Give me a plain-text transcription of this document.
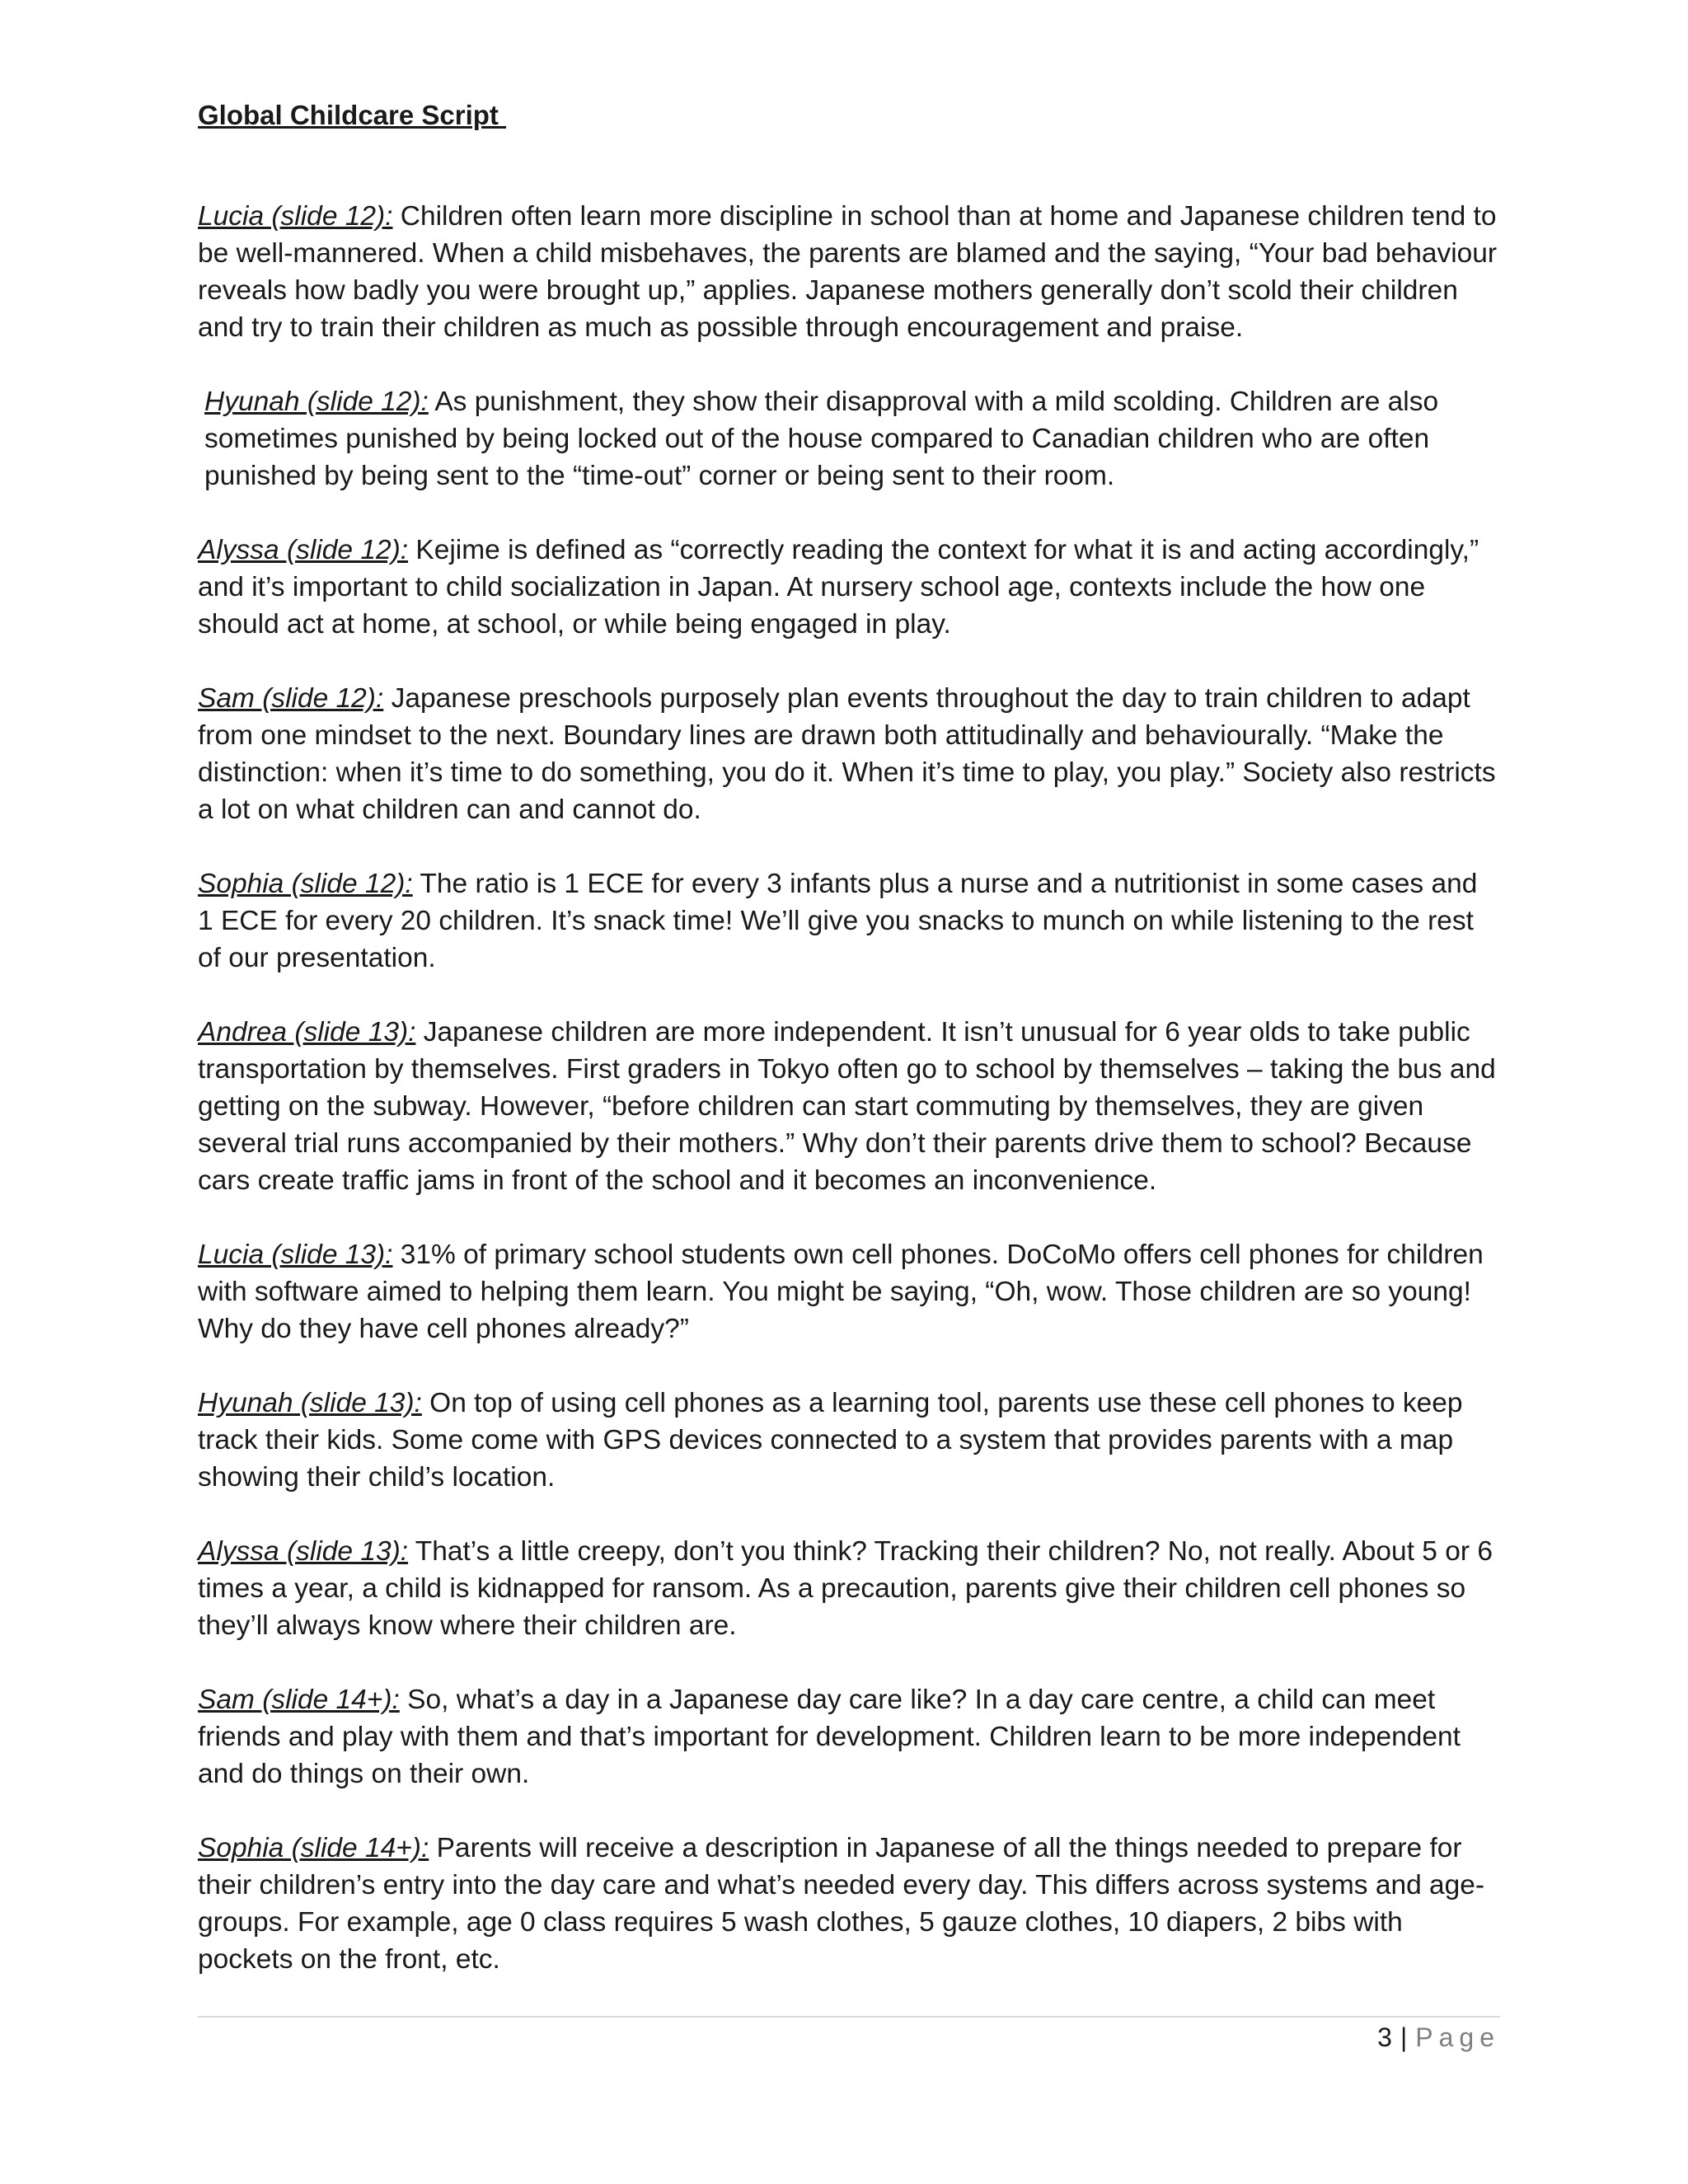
Global Childcare Script

Lucia (slide 12): Children often learn more discipline in school than at home and Japanese children tend to be well-mannered. When a child misbehaves, the parents are blamed and the saying, “Your bad behaviour reveals how badly you were brought up,” applies. Japanese mothers generally don’t scold their children and try to train their children as much as possible through encouragement and praise.

Hyunah (slide 12): As punishment, they show their disapproval with a mild scolding. Children are also sometimes punished by being locked out of the house compared to Canadian children who are often punished by being sent to the “time-out” corner or being sent to their room.

Alyssa (slide 12): Kejime is defined as “correctly reading the context for what it is and acting accordingly,” and it’s important to child socialization in Japan. At nursery school age, contexts include the how one should act at home, at school, or while being engaged in play.

Sam (slide 12): Japanese preschools purposely plan events throughout the day to train children to adapt from one mindset to the next. Boundary lines are drawn both attitudinally and behaviourally. “Make the distinction: when it’s time to do something, you do it. When it’s time to play, you play.” Society also restricts a lot on what children can and cannot do.

Sophia (slide 12): The ratio is 1 ECE for every 3 infants plus a nurse and a nutritionist in some cases and 1 ECE for every 20 children. It’s snack time! We’ll give you snacks to munch on while listening to the rest of our presentation.

Andrea (slide 13): Japanese children are more independent. It isn’t unusual for 6 year olds to take public transportation by themselves. First graders in Tokyo often go to school by themselves – taking the bus and getting on the subway. However, “before children can start commuting by themselves, they are given several trial runs accompanied by their mothers.” Why don’t their parents drive them to school? Because cars create traffic jams in front of the school and it becomes an inconvenience.

Lucia (slide 13): 31% of primary school students own cell phones. DoCoMo offers cell phones for children with software aimed to helping them learn. You might be saying, “Oh, wow. Those children are so young! Why do they have cell phones already?”

Hyunah (slide 13): On top of using cell phones as a learning tool, parents use these cell phones to keep track their kids. Some come with GPS devices connected to a system that provides parents with a map showing their child’s location.

Alyssa (slide 13): That’s a little creepy, don’t you think? Tracking their children? No, not really. About 5 or 6 times a year, a child is kidnapped for ransom. As a precaution, parents give their children cell phones so they’ll always know where their children are.

Sam (slide 14+): So, what’s a day in a Japanese day care like? In a day care centre, a child can meet friends and play with them and that’s important for development. Children learn to be more independent and do things on their own.

Sophia (slide 14+): Parents will receive a description in Japanese of all the things needed to prepare for their children’s entry into the day care and what’s needed every day. This differs across systems and age-groups. For example, age 0 class requires 5 wash clothes, 5 gauze clothes, 10 diapers, 2 bibs with pockets on the front, etc.

3 | Page
